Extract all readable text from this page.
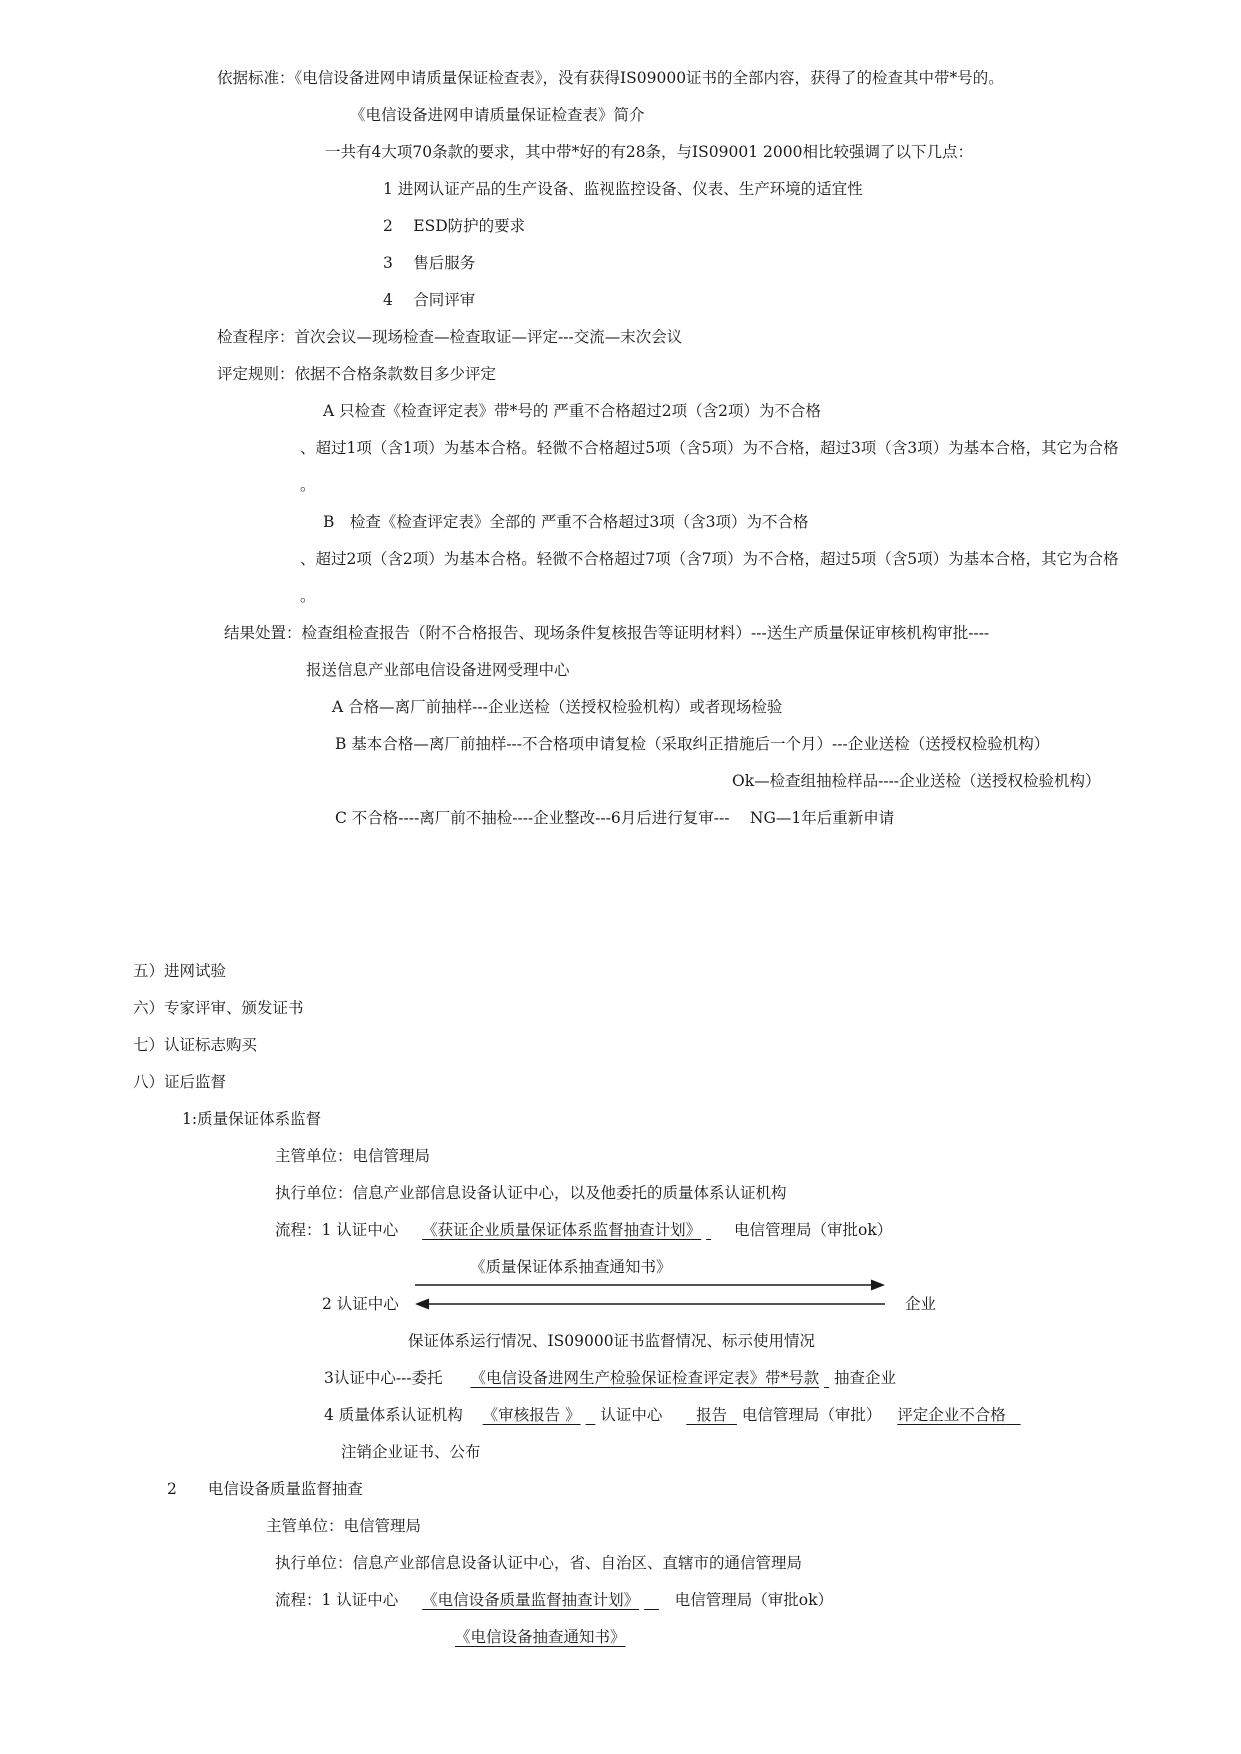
依据标准：《电信设备进网申请质量保证检查表》，没有获得IS09000证书的全部内容，获得了的检查其中带*号的。
《电信设备进网申请质量保证检查表》简介
一共有4大项70条款的要求，其中带*好的有28条，与IS09001 2000相比较强调了以下几点：
1 进网认证产品的生产设备、监视监控设备、仪表、生产环境的适宜性
2　 ESD防护的要求
3　 售后服务
4　 合同评审
检查程序：首次会议—现场检查—检查取证—评定---交流—末次会议
评定规则：依据不合格条款数目多少评定
A 只检查《检查评定表》带*号的 严重不合格超过2项（含2项）为不合格
、超过1项（含1项）为基本合格。轻微不合格超过5项（含5项）为不合格，超过3项（含3项）为基本合格，其它为合格
。
B　检查《检查评定表》全部的 严重不合格超过3项（含3项）为不合格
、超过2项（含2项）为基本合格。轻微不合格超过7项（含7项）为不合格，超过5项（含5项）为基本合格，其它为合格
。
结果处置：检查组检查报告（附不合格报告、现场条件复核报告等证明材料）---送生产质量保证审核机构审批----
报送信息产业部电信设备进网受理中心
A 合格—离厂前抽样---企业送检（送授权检验机构）或者现场检验
B 基本合格—离厂前抽样---不合格项申请复检（采取纠正措施后一个月）---企业送检（送授权检验机构）
Ok—检查组抽检样品----企业送检（送授权检验机构）
C 不合格----离厂前不抽检----企业整改---6月后进行复审---　 NG—1年后重新申请
五）进网试验
六）专家评审、颁发证书
七）认证标志购买
八）证后监督
1:质量保证体系监督
主管单位：电信管理局
执行单位：信息产业部信息设备认证中心，以及他委托的质量体系认证机构
流程：1 认证中心 《获证企业质量保证体系监督抽查计划》 电信管理局（审批ok）
《质量保证体系抽查通知书》
2 认证中心	企业
保证体系运行情况、IS09000证书监督情况、标示使用情况
3认证中心---委托 《电信设备进网生产检验保证检查评定表》带*号款 抽查企业
4 质量体系认证机构 《审核报告 》 认证中心 报告 电信管理局（审批） 评定企业不合格
注销企业证书、公布
2　　电信设备质量监督抽查
主管单位：电信管理局
执行单位：信息产业部信息设备认证中心，省、自治区、直辖市的通信管理局
流程：1 认证中心 《电信设备质量监督抽查计划》 电信管理局（审批ok）
《电信设备抽查通知书》
